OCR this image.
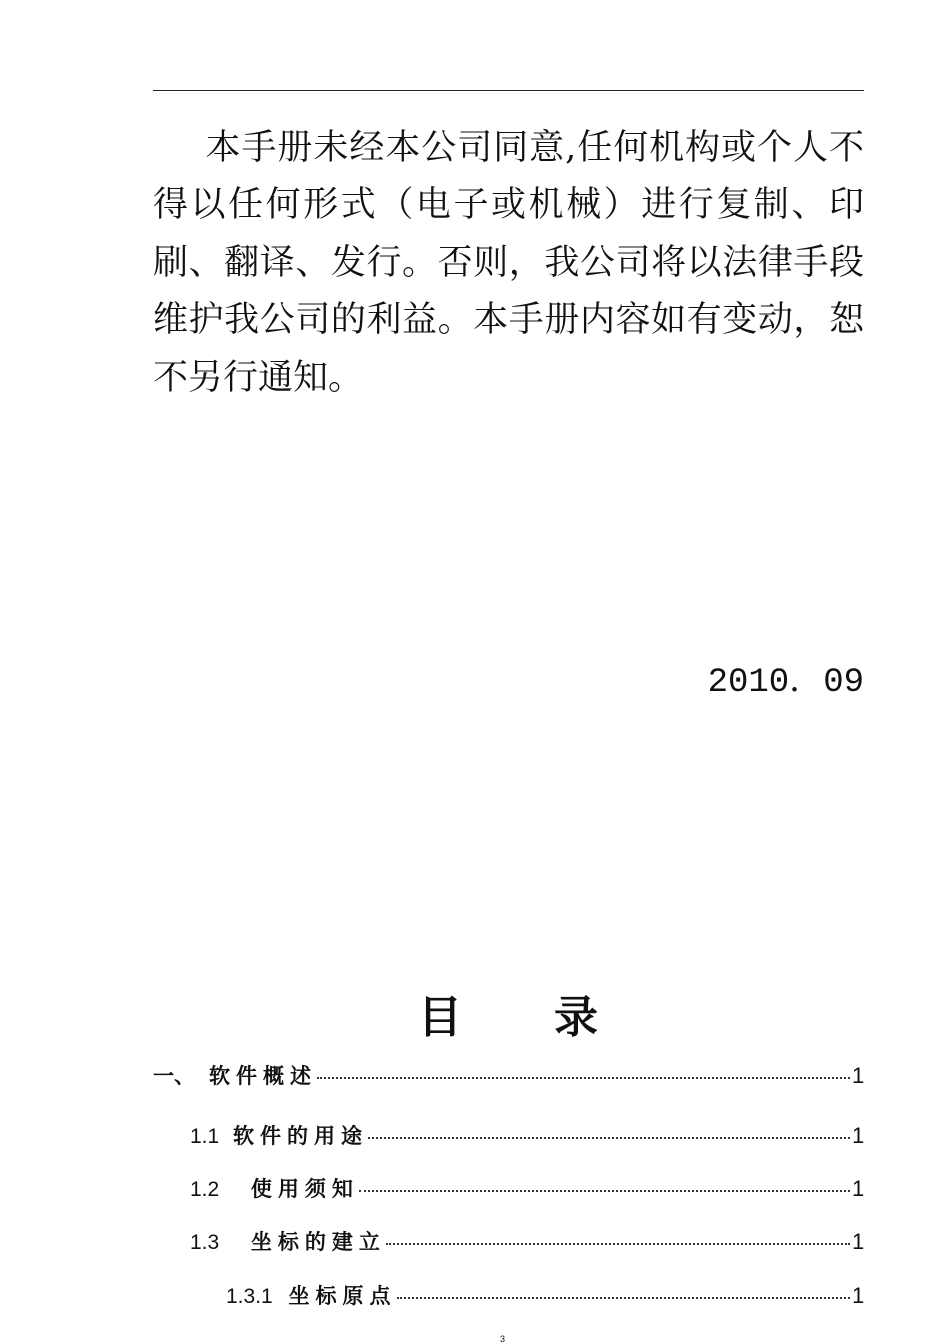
本手册未经本公司同意,任何机构或个人不得以任何形式（电子或机械）进行复制、印刷、翻译、发行。否则，我公司将以法律手段维护我公司的利益。本手册内容如有变动，恕不另行通知。

2010．09
目 录
一、 软件概述	1
1.1 软件的用途	1
1.2 使用须知	1
1.3 坐标的建立	1
1.3.1 坐标原点	1
3
